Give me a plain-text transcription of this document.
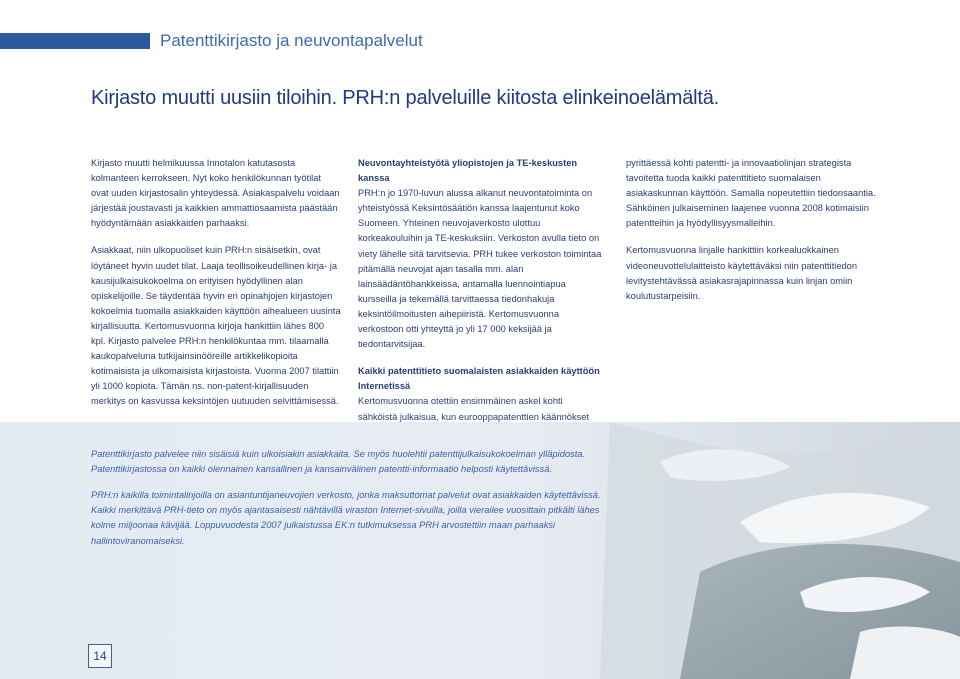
Patenttikirjasto ja neuvontapalvelut
Kirjasto muutti uusiin tiloihin. PRH:n palveluille kiitosta elinkeinoelämältä.

Kirjasto muutti helmikuussa Innotalon katutasosta kolmanteen kerrokseen. Nyt koko henkilökunnan työtilat ovat uuden kirjastosalin yhteydessä. Asiakaspalvelu voidaan järjestää joustavasti ja kaikkien ammattiosaamista päästään hyödyntämään asiakkaiden parhaaksi.

Asiakkaat, niin ulkopuoliset kuin PRH:n sisäisetkin, ovat löytäneet hyvin uudet tilat. Laaja teollisoikeudellinen kirja- ja kausijulkaisukokoelma on erityisen hyödyllinen alan opiskelijoille. Se täydentää hyvin eri opinahjojen kirjastojen kokoelmia tuomalla asiakkaiden käyttöön aihealueen uusinta kirjallisuutta. Kertomusvuonna kirjoja hankittiin lähes 800 kpl. Kirjasto palvelee PRH:n henkilökuntaa mm. tilaamalla kaukopalveluna tutkijainsinööreille artikkelikopioita kotimaisista ja ulkomaisista kirjastoista. Vuonna 2007 tilattiin yli 1000 kopiota. Tämän ns. non-patent-kirjallisuuden merkitys on kasvussa keksintöjen uutuuden selvittämisessä.

Neuvontayhteistyötä yliopistojen ja TE-keskusten kanssa
PRH:n jo 1970-luvun alussa alkanut neuvontatoiminta on yhteistyössä Keksintösäätiön kanssa laajentunut koko Suomeen. Yhteinen neuvojaverkosto ulottuu korkeakouluihin ja TE-keskuksiin. Verkoston avulla tieto on viety lähelle sitä tarvitsevia. PRH tukee verkoston toimintaa pitämällä neuvojat ajan tasalla mm. alan lainsäädäntöhankkeissa, antamalla luennointiapua kursseilla ja tekemällä tarvittaessa tiedonhakuja keksintöilmoitusten aihepiiristä. Kertomusvuonna verkostoon otti yhteyttä jo yli 17 000 keksijää ja tiedontarvitsijaa.

Kaikki patenttitieto suomalaisten asiakkaiden käyttöön Internetissä
Kertomusvuonna otettiin ensimmäinen askel kohti sähköistä julkaisua, kun eurooppapatenttien käännökset

pyrittäessä kohti patentti- ja innovaatiolinjan strategista tavoitetta tuoda kaikki patenttitieto suomalaisen asiakaskunnan käyttöön. Samalla nopeutettiin tiedonsaantia. Sähköinen julkaiseminen laajenee vuonna 2008 kotimaisiin patentteihin ja hyödyllisyysmalleihin.

Kertomusvuonna linjalle hankittiin korkealuokkainen videoneuvottelulaitteisto käytettäväksi niin patenttitiedon levitystehtävässä asiakasrajapinnassa kuin linjan omiin koulutustarpeisiin.

Patenttikirjasto palvelee niin sisäisiä kuin ulkoisiakin asiakkaita. Se myös huolehtii patenttijulkaisukokoelman ylläpidosta. Patenttikirjastossa on kaikki olennainen kansallinen ja kansainvälinen patentti-informaatio helposti käytettävissä.
PRH:n kaikilla toimintalinjoilla on asiantuntijaneuvojien verkosto, jonka maksuttomat palvelut ovat asiakkaiden käytettävissä. Kaikki merkittävä PRH-tieto on myös ajantasaisesti nähtävillä viraston Internet-sivuilla, joilla vierailee vuosittain pitkälti lähes kolme miljoonaa kävijää. Loppuvuodesta 2007 julkaistussa EK:n tutkimuksessa PRH arvostettiin maan parhaaksi hallintoviranomaiseksi.
14
